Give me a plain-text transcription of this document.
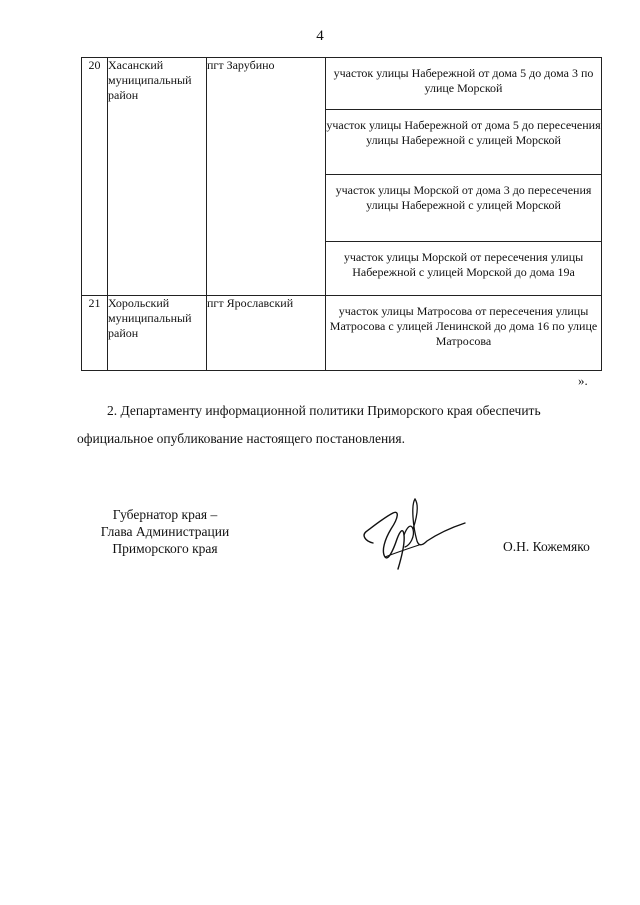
4
20	Хасанский муниципальный район	пгт Зарубино	участок улицы Набережной от дома 5 до дома 3 по улице Морской
			участок улицы Набережной от дома 5 до пересечения улицы Набережной с улицей Морской
			участок улицы Морской от дома 3 до пересечения улицы Набережной с улицей Морской
			участок улицы Морской от пересечения улицы Набережной с улицей Морской до дома 19а
21	Хорольский муниципальный район	пгт Ярославский	участок улицы Матросова от пересечения улицы Матросова с улицей Ленинской до дома 16 по улице Матросова
».
2. Департаменту информационной политики Приморского края обеспечить
официальное опубликование настоящего постановления.
Губернатор края –
Глава Администрации
Приморского края	О.Н. Кожемяко
